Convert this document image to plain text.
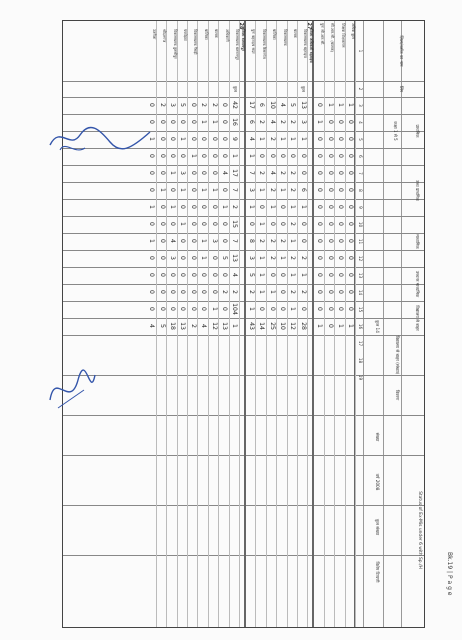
ज़िला/ब्लॉक का नाम
लिंग
प्राथमिक
उच्च प्राथमिक
माध्यमिक
उच्चतर माध्यमिक
विद्यालय से बाहर
कक्षा 1 से 5
कुल 14
विद्यालय से बाहर (संख्या)
विवरण
संख्या
वर्ष 2008
कुल संख्या
विशेष टिप्पणी
1
2
3
4
5
6
7
8
9
10
11
12
13
14
15
16
17
18
19
अधिक कुल
1
0
0
0
0
0
0
0
0
0
0
0
0
1
शिक्षक शिक्षकगण
1
0
0
0
0
0
0
0
0
0
0
0
0
1
सी.आर.सी. (बालक)
1
0
0
0
0
0
0
0
0
0
0
0
0
0
पुनः सी.आर.सी.
0
1
0
0
0
0
0
0
0
0
0
0
0
1
27
जिला अधिकारी बहराइच
विकासखण्ड बहराइच
कुल
13
3
1
0
0
6
1
0
0
2
1
2
0
28
बालक
5
2
1
0
2
2
1
2
1
2
1
2
1
12
विकासखण्ड
4
2
1
0
2
1
0
0
2
1
0
0
0
10
बालिका
10
4
2
0
4
2
1
0
2
2
0
1
0
25
विकासखण्ड कैसरगंज
6
2
1
0
2
1
0
1
2
1
1
1
0
14
पुनः बहराइच सदर
17
6
4
1
7
3
1
0
8
3
5
2
1
43
28
जिला बलरामपुर
विकासखण्ड बलरामपुर
कुल
42
16
9
1
17
7
2
15
7
13
4
2
104
1
अधिकारी
0
0
0
0
4
0
1
0
0
5
0
2
0
13
बालक
2
1
0
0
0
1
0
0
3
0
0
0
1
12
बालिका
2
1
0
0
0
1
0
0
1
1
0
0
0
4
विकासखण्ड गैसड़ी
0
0
0
1
0
0
0
0
0
0
0
0
0
2
पचपेड़वा
5
0
1
0
3
1
0
1
0
0
0
0
0
13
विकासखण्ड तुलसीपुर
3
0
0
0
1
0
1
0
4
3
0
0
0
18
श्रीदत्तगंज
2
0
0
0
0
1
0
0
0
0
0
0
0
5
उतरौला
0
0
1
0
0
0
1
0
1
0
0
0
0
4
Bk.19 | P a g e
Status of Ex-Mis under 6 with Sp./H
